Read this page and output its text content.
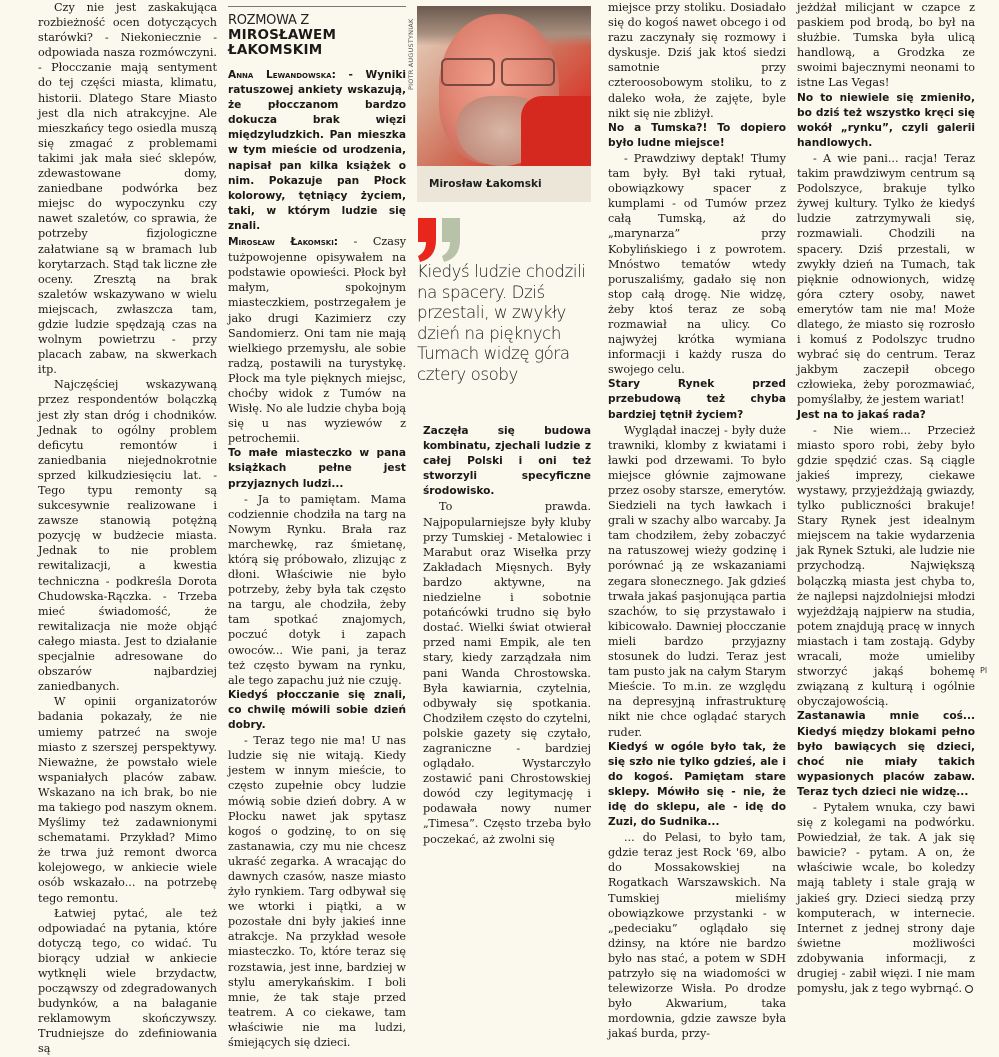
Czy nie jest zaskakująca rozbieżność ocen dotyczących starówki? - Niekoniecznie - odpowiada nasza rozmówczyni. - Płocczanie mają sentyment do tej części miasta, klimatu, historii. Dlatego Stare Miasto jest dla nich atrakcyjne. Ale mieszkańcy tego osiedla muszą się zmagać z problemami takimi jak mała sieć sklepów, zdewastowane domy, zaniedbane podwórka bez miejsc do wypoczynku czy nawet szaletów, co sprawia, że potrzeby fizjologiczne załatwiane są w bramach lub korytarzach. Stąd tak liczne złe oceny. Zresztą na brak szaletów wskazywano w wielu miejscach, zwłaszcza tam, gdzie ludzie spędzają czas na wolnym powietrzu - przy placach zabaw, na skwerkach itp.

Najczęściej wskazywaną przez respondentów bolączką jest zły stan dróg i chodników. Jednak to ogólny problem deficytu remontów i zaniedbania niejednokrotnie sprzed kilkudziesięciu lat. - Tego typu remonty są sukcesywnie realizowane i zawsze stanowią potężną pozycję w budżecie miasta. Jednak to nie problem rewitalizacji, a kwestia techniczna - podkreśla Dorota Chudowska-Rączka. - Trzeba mieć świadomość, że rewitalizacja nie może objąć całego miasta. Jest to działanie specjalnie adresowane do obszarów najbardziej zaniedbanych.

W opinii organizatorów badania pokazały, że nie umiemy patrzeć na swoje miasto z szerszej perspektywy. Nieważne, że powstało wiele wspaniałych placów zabaw. Wskazano na ich brak, bo nie ma takiego pod naszym oknem. Myślimy też zadawnionymi schematami. Przykład? Mimo że trwa już remont dworca kolejowego, w ankiecie wiele osób wskazało... na potrzebę tego remontu.

Łatwiej pytać, ale też odpowiadać na pytania, które dotyczą tego, co widać. Tu biorący udział w ankiecie wytknęli wiele brzydactw, począwszy od zdegradowanych budynków, a na bałaganie reklamowym skończywszy. Trudniejsze do zdefiniowania są

ROZMOWA Z
MIROSŁAWEM ŁAKOMSKIM

Anna Lewandowska: - Wyniki ratuszowej ankiety wskazują, że płocczanom bardzo dokucza brak więzi międzyludzkich. Pan mieszka w tym mieście od urodzenia, napisał pan kilka książek o nim. Pokazuje pan Płock kolorowy, tętniący życiem, taki, w którym ludzie się znali.

Mirosław Łakomski: - Czasy tużpowojenne opisywałem na podstawie opowieści. Płock był małym, spokojnym miasteczkiem, postrzegałem je jako drugi Kazimierz czy Sandomierz. Oni tam nie mają wielkiego przemysłu, ale sobie radzą, postawili na turystykę. Płock ma tyle pięknych miejsc, choćby widok z Tumów na Wisłę. No ale ludzie chyba boją się u nas wyziewów z petrochemii.

To małe miasteczko w pana książkach pełne jest przyjaznych ludzi...

- Ja to pamiętam. Mama codziennie chodziła na targ na Nowym Rynku. Brała raz marchewkę, raz śmietanę, którą się próbowało, zlizując z dłoni. Właściwie nie było potrzeby, żeby była tak często na targu, ale chodziła, żeby tam spotkać znajomych, poczuć dotyk i zapach owoców... Wie pani, ja teraz też często bywam na rynku, ale tego zapachu już nie czuję.

Kiedyś płocczanie się znali, co chwilę mówili sobie dzień dobry.

- Teraz tego nie ma! U nas ludzie się nie witają. Kiedy jestem w innym mieście, to często zupełnie obcy ludzie mówią sobie dzień dobry. A w Płocku nawet jak spytasz kogoś o godzinę, to on się zastanawia, czy mu nie chcesz ukraść zegarka. A wracając do dawnych czasów, nasze miasto żyło rynkiem. Targ odbywał się we wtorki i piątki, a w pozostałe dni były jakieś inne atrakcje. Na przykład wesołe miasteczko. To, które teraz się rozstawia, jest inne, bardziej w stylu amerykańskim. I boli mnie, że tak staje przed teatrem. A co ciekawe, tam właściwie nie ma ludzi, śmiejących się dzieci.

PIOTR AUGUSTYNIAK
Mirosław Łakomski
Kiedyś ludzie chodzili na spacery. Dziś przestali, w zwykły dzień na pięknych Tumach widzę góra cztery osoby

Zaczęła się budowa kombinatu, zjechali ludzie z całej Polski i oni też stworzyli specyficzne środowisko.

To prawda. Najpopularniejsze były kluby przy Tumskiej - Metalowiec i Marabut oraz Wisełka przy Zakładach Mięsnych. Były bardzo aktywne, na niedzielne i sobotnie potańcówki trudno się było dostać. Wielki świat otwierał przed nami Empik, ale ten stary, kiedy zarządzała nim pani Wanda Chrostowska. Była kawiarnia, czytelnia, odbywały się spotkania. Chodziłem często do czytelni, polskie gazety się czytało, zagraniczne - bardziej oglądało. Wystarczyło zostawić pani Chrostowskiej dowód czy legitymację i podawała nowy numer „Timesa”. Często trzeba było poczekać, aż zwolni się

miejsce przy stoliku. Dosiadało się do kogoś nawet obcego i od razu zaczynały się rozmowy i dyskusje. Dziś jak ktoś siedzi samotnie przy czteroosobowym stoliku, to z daleko woła, że zajęte, byle nikt się nie zbliżył.

No a Tumska?! To dopiero było ludne miejsce!

- Prawdziwy deptak! Tłumy tam były. Był taki rytuał, obowiązkowy spacer z kumplami - od Tumów przez całą Tumską, aż do „marynarza” przy Kobylińskiego i z powrotem. Mnóstwo tematów wtedy poruszaliśmy, gadało się non stop całą drogę. Nie widzę, żeby ktoś teraz ze sobą rozmawiał na ulicy. Co najwyżej krótka wymiana informacji i każdy rusza do swojego celu.

Stary Rynek przed przebudową też chyba bardziej tętnił życiem?

Wyglądał inaczej - były duże trawniki, klomby z kwiatami i ławki pod drzewami. To było miejsce głównie zajmowane przez osoby starsze, emerytów. Siedzieli na tych ławkach i grali w szachy albo warcaby. Ja tam chodziłem, żeby zobaczyć na ratuszowej wieży godzinę i porównać ją ze wskazaniami zegara słonecznego. Jak gdzieś trwała jakaś pasjonująca partia szachów, to się przystawało i kibicowało. Dawniej płocczanie mieli bardzo przyjazny stosunek do ludzi. Teraz jest tam pusto jak na całym Starym Mieście. To m.in. ze względu na depresyjną infrastrukturę nikt nie chce oglądać starych ruder.

Kiedyś w ogóle było tak, że się szło nie tylko gdzieś, ale i do kogoś. Pamiętam stare sklepy. Mówiło się - nie, że idę do sklepu, ale - idę do Zuzi, do Sudnika...

... do Pelasi, to było tam, gdzie teraz jest Rock '69, albo do Mossakowskiej na Rogatkach Warszawskich. Na Tumskiej mieliśmy obowiązkowe przystanki - w „pedeciaku” oglądało się dżinsy, na które nie bardzo było nas stać, a potem w SDH patrzyło się na wiadomości w telewizorze Wisła. Po drodze było Akwarium, taka mordownia, gdzie zawsze była jakaś burda, przy-

jeżdżał milicjant w czapce z paskiem pod brodą, bo był na służbie. Tumska była ulicą handlową, a Grodzka ze swoimi bajecznymi neonami to istne Las Vegas!

No to niewiele się zmieniło, bo dziś też wszystko kręci się wokół „rynku”, czyli galerii handlowych.

- A wie pani... racja! Teraz takim prawdziwym centrum są Podolszyce, brakuje tylko żywej kultury. Tylko że kiedyś ludzie zatrzymywali się, rozmawiali. Chodzili na spacery. Dziś przestali, w zwykły dzień na Tumach, tak pięknie odnowionych, widzę góra cztery osoby, nawet emerytów tam nie ma! Może dlatego, że miasto się rozrosło i komuś z Podolszyc trudno wybrać się do centrum. Teraz jakbym zaczepił obcego człowieka, żeby porozmawiać, pomyślałby, że jestem wariat!

Jest na to jakaś rada?

- Nie wiem... Przecież miasto sporo robi, żeby było gdzie spędzić czas. Są ciągle jakieś imprezy, ciekawe wystawy, przyjeżdżają gwiazdy, tylko publiczności brakuje! Stary Rynek jest idealnym miejscem na takie wydarzenia jak Rynek Sztuki, ale ludzie nie przychodzą. Największą bolączką miasta jest chyba to, że najlepsi najzdolniejsi młodzi wyjeżdżają najpierw na studia, potem znajdują pracę w innych miastach i tam zostają. Gdyby wracali, może umieliby stworzyć jakąś bohemę związaną z kulturą i ogólnie obyczajowością.

Zastanawia mnie coś... Kiedyś między blokami pełno było bawiących się dzieci, choć nie miały takich wypasionych placów zabaw. Teraz tych dzieci nie widzę...

- Pytałem wnuka, czy bawi się z kolegami na podwórku. Powiedział, że tak. A jak się bawicie? - pytam. A on, że właściwie wcale, bo koledzy mają tablety i stale grają w jakieś gry. Dzieci siedzą przy komputerach, w internecie. Internet z jednej strony daje świetne możliwości zdobywania informacji, z drugiej - zabił więzi. I nie mam pomysłu, jak z tego wybrnąć.

Pl
